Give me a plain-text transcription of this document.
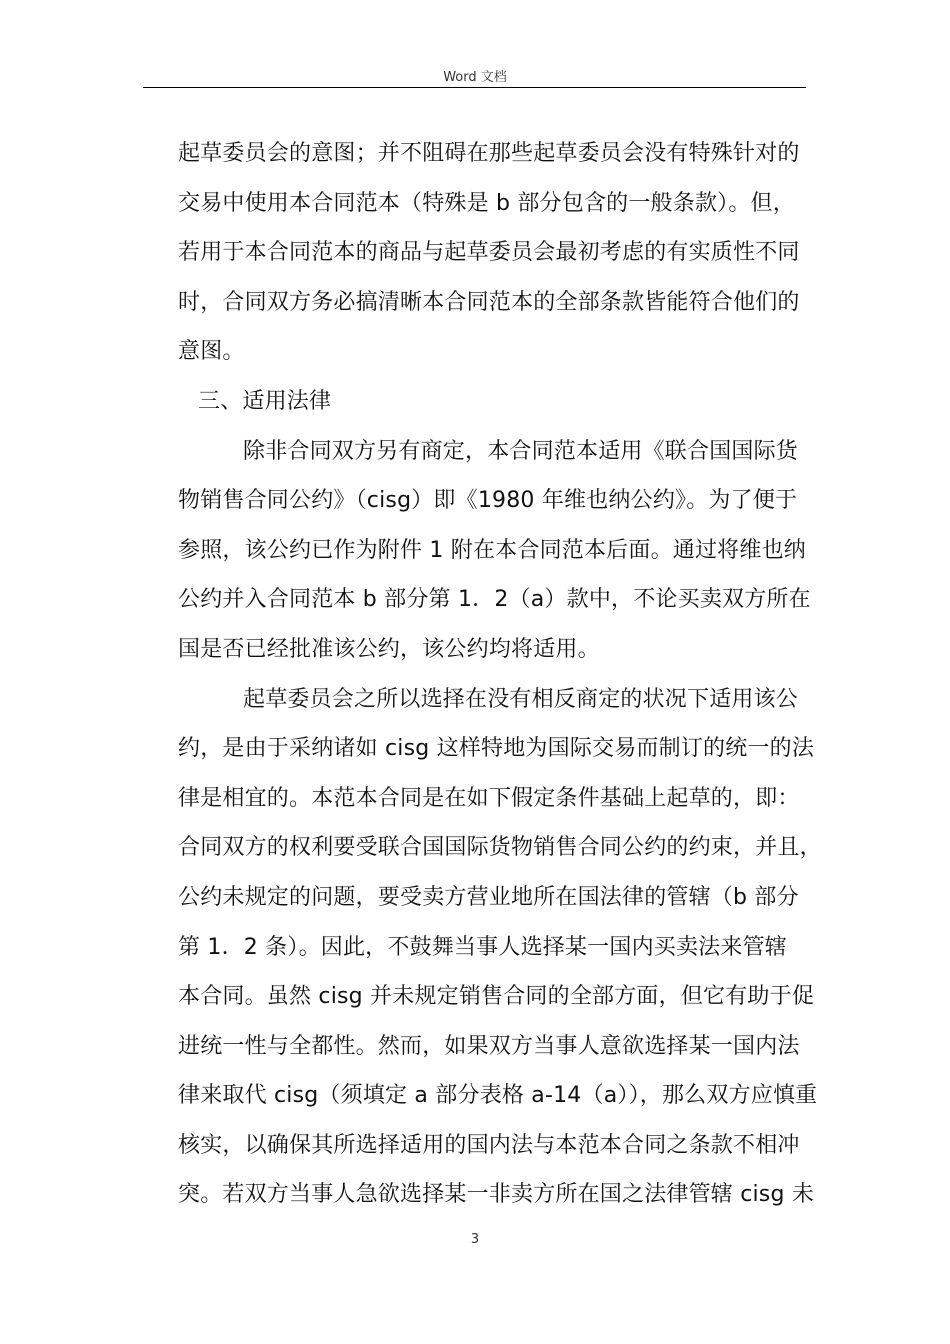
Word 文档
起草委员会的意图；并不阻碍在那些起草委员会没有特殊针对的
交易中使用本合同范本（特殊是 b 部分包含的一般条款）。但，
若用于本合同范本的商品与起草委员会最初考虑的有实质性不同
时，合同双方务必搞清晰本合同范本的全部条款皆能符合他们的
意图。
三、适用法律
除非合同双方另有商定，本合同范本适用《联合国国际货
物销售合同公约》（cisg）即《1980 年维也纳公约》。为了便于
参照，该公约已作为附件 1 附在本合同范本后面。通过将维也纳
公约并入合同范本 b 部分第 1．2（a）款中，不论买卖双方所在
国是否已经批准该公约，该公约均将适用。
起草委员会之所以选择在没有相反商定的状况下适用该公
约，是由于采纳诸如 cisg 这样特地为国际交易而制订的统一的法
律是相宜的。本范本合同是在如下假定条件基础上起草的，即：
合同双方的权利要受联合国国际货物销售合同公约的约束，并且，
公约未规定的问题，要受卖方营业地所在国法律的管辖（b 部分
第 1．2 条）。因此，不鼓舞当事人选择某一国内买卖法来管辖
本合同。虽然 cisg 并未规定销售合同的全部方面，但它有助于促
进统一性与全都性。然而，如果双方当事人意欲选择某一国内法
律来取代 cisg（须填定 a 部分表格 a-14（a）），那么双方应慎重
核实，以确保其所选择适用的国内法与本范本合同之条款不相冲
突。若双方当事人急欲选择某一非卖方所在国之法律管辖 cisg 未
3
